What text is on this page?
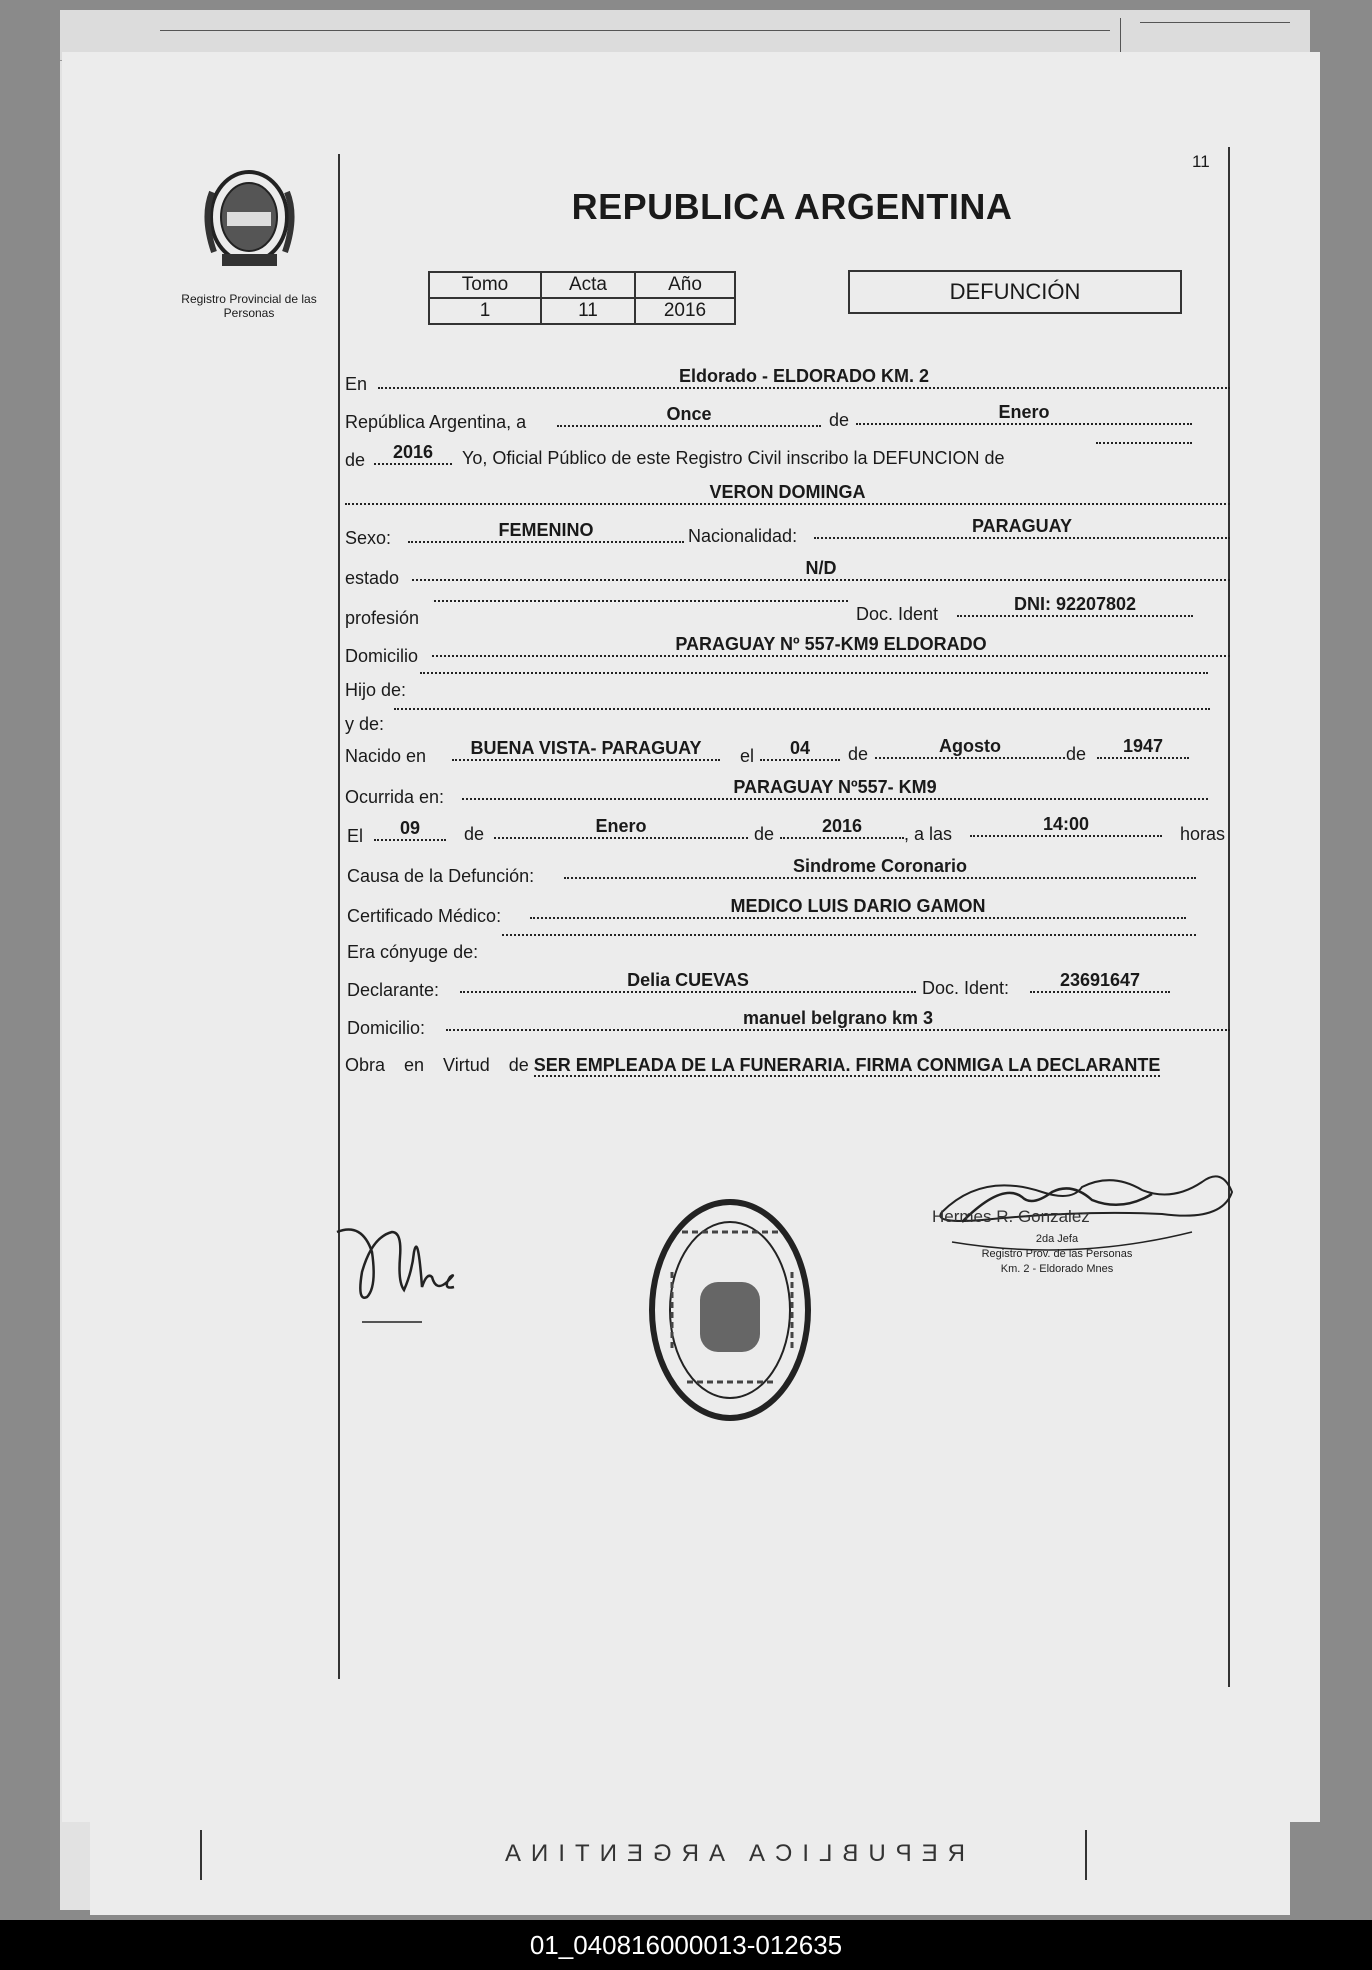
REPUBLICA ARGENTINA
11
Registro Provincial de las Personas
REPUBLICA ARGENTINA
Tomo	Acta	Año
1	11	2016
DEFUNCIÓN
En	Eldorado - ELDORADO KM. 2
República Argentina, a	Once	de	Enero
de	2016	Yo, Oficial Público de este Registro Civil inscribo la DEFUNCION de
VERON DOMINGA
Sexo:	FEMENINO	Nacionalidad:	PARAGUAY
estado	N/D
profesión	Doc. Ident	DNI: 92207802
Domicilio
PARAGUAY Nº 557-KM9 ELDORADO
Hijo de:
y de:
Nacido en	BUENA VISTA- PARAGUAY	el	04	de	Agosto	de	1947
Ocurrida en:	PARAGUAY Nº557- KM9
El	09	de	Enero	de	2016	, a las	14:00	horas
Causa de la Defunción:	Sindrome Coronario
Certificado Médico:	MEDICO LUIS DARIO GAMON
Era cónyuge de:
Declarante:	Delia CUEVAS	Doc. Ident:	23691647
Domicilio:	manuel belgrano km 3
Obra en Virtud de SER EMPLEADA DE LA FUNERARIA. FIRMA CONMIGA LA DECLARANTE
Hermes R. Gonzalez
2da Jefa
Registro Prov. de las Personas
Km. 2 - Eldorado Mnes
01_040816000013-012635
